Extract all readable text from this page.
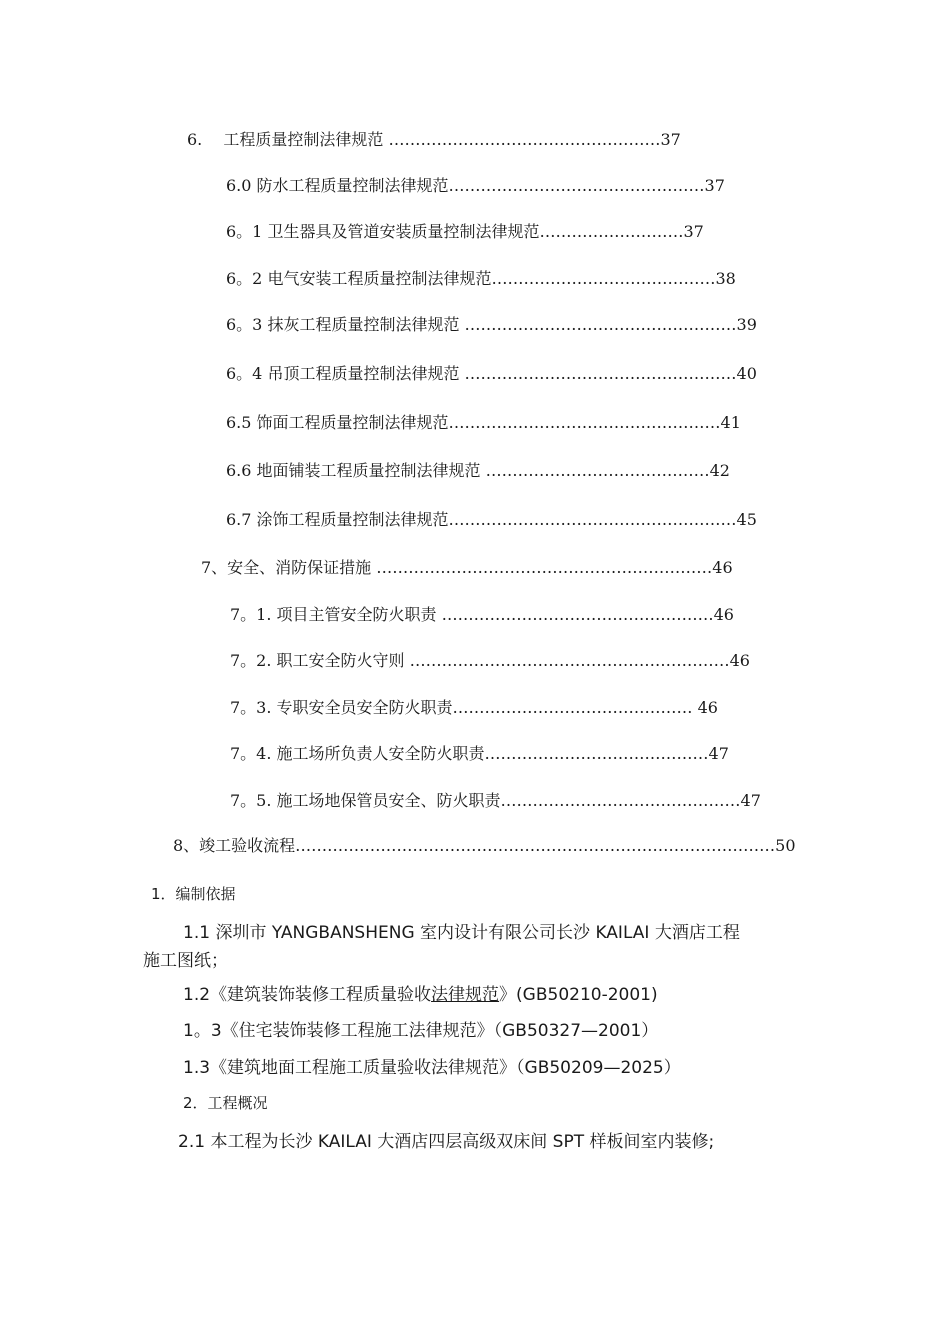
6.　 工程质量控制法律规范 ……………………………………………37
6.0 防水工程质量控制法律规范…………………………………………37
6。1 卫生器具及管道安装质量控制法律规范………………………37
6。2 电气安装工程质量控制法律规范……………………………………38
6。3 抹灰工程质量控制法律规范 ……………………………………………39
6。4 吊顶工程质量控制法律规范 ……………………………………………40
6.5 饰面工程质量控制法律规范……………………………………………41
6.6 地面铺装工程质量控制法律规范 ……………………………………42
6.7 涂饰工程质量控制法律规范………………………………………………45
7、安全、消防保证措施 ………………………………………………………46
7。1. 项目主管安全防火职责 ……………………………………………46
7。2. 职工安全防火守则 ……………………………………………………46
7。3. 专职安全员安全防火职责……………………………………… 46
7。4. 施工场所负责人安全防火职责……………………………………47
7。5. 施工场地保管员安全、防火职责………………………………………47
8、竣工验收流程………………………………………………………………………………50
1．编制依据
1.1 深圳市 YANGBANSHENG 室内设计有限公司长沙 KAILAI 大酒店工程
施工图纸；
1.2《建筑装饰装修工程质量验收法律规范》(GB50210-2001)
1。3《住宅装饰装修工程施工法律规范》（GB50327—2001）
1.3《建筑地面工程施工质量验收法律规范》（GB50209—2025）
2．工程概况
2.1 本工程为长沙 KAILAI 大酒店四层高级双床间 SPT 样板间室内装修;
